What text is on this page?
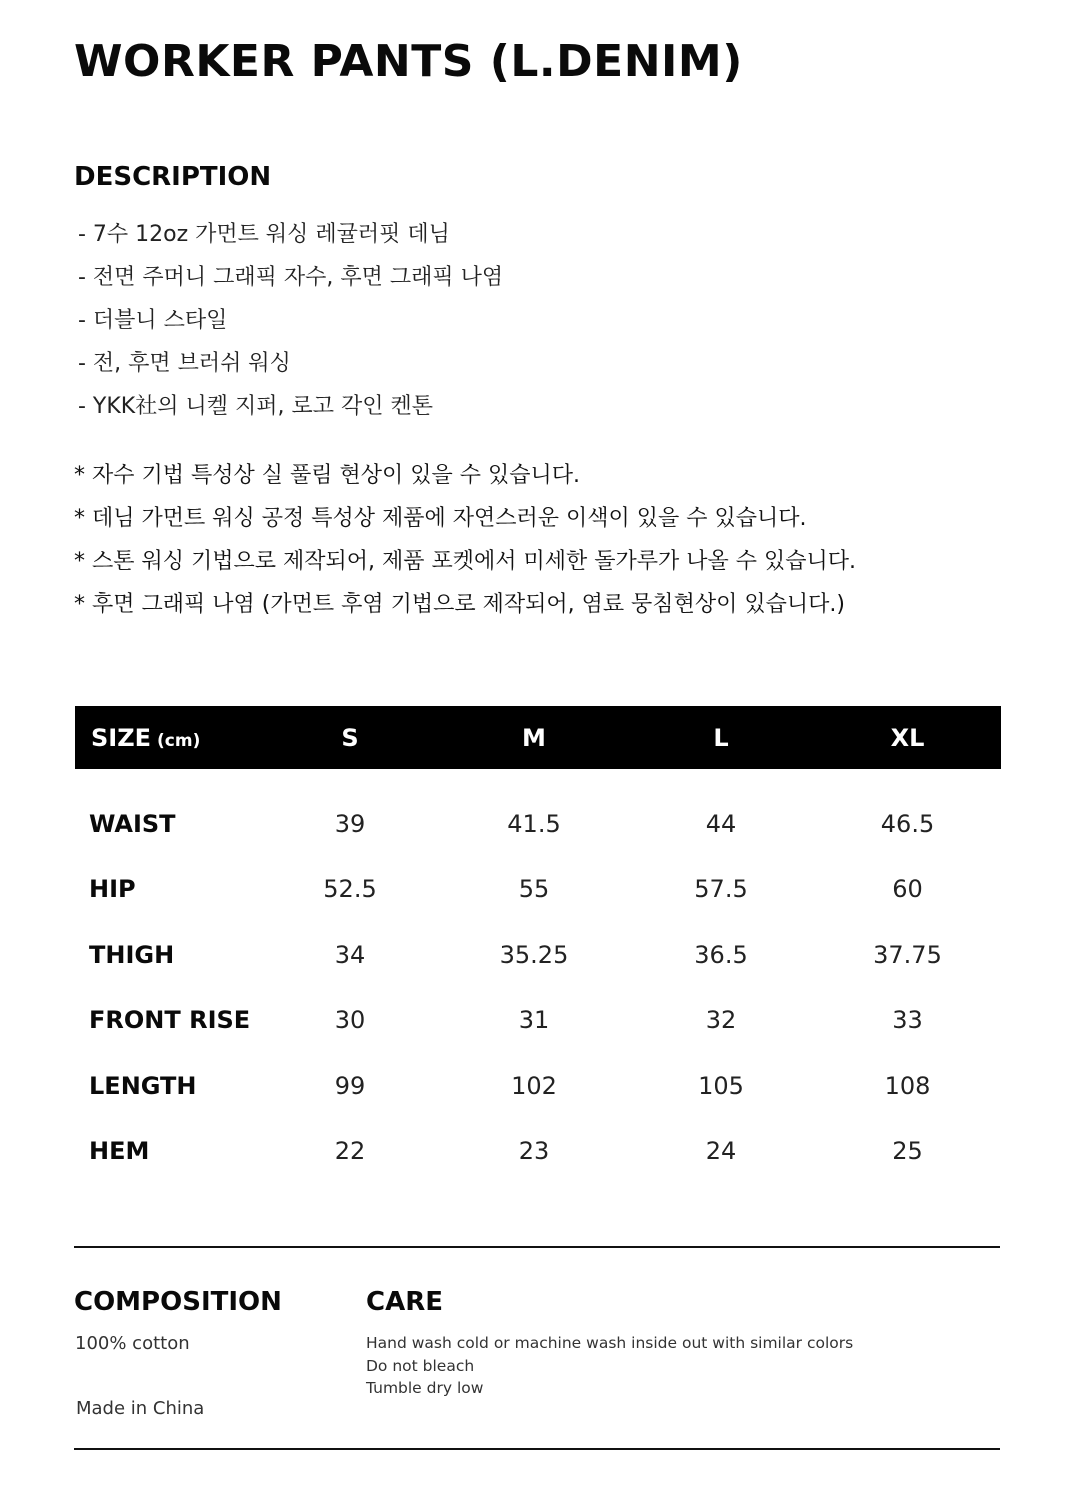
WORKER PANTS (L.DENIM)
DESCRIPTION
- 7수 12oz 가먼트 워싱 레귤러핏 데님
- 전면 주머니 그래픽 자수, 후면 그래픽 나염
- 더블니 스타일
- 전, 후면 브러쉬 워싱
- YKK社의 니켈 지퍼, 로고 각인 켄톤
* 자수 기법 특성상 실 풀림 현상이 있을 수 있습니다.
* 데님 가먼트 워싱 공정 특성상 제품에 자연스러운 이색이 있을 수 있습니다.
* 스톤 워싱 기법으로 제작되어, 제품 포켓에서 미세한 돌가루가 나올 수 있습니다.
* 후면 그래픽 나염 (가먼트 후염 기법으로 제작되어, 염료 뭉침현상이 있습니다.)
SIZE (cm)	S	M	L	XL

WAIST	39	41.5	44	46.5
HIP	52.5	55	57.5	60
THIGH	34	35.25	36.5	37.75
FRONT RISE	30	31	32	33
LENGTH	99	102	105	108
HEM	22	23	24	25
COMPOSITION
100% cotton
Made in China
CARE
Hand wash cold or machine wash inside out with similar colors
Do not bleach
Tumble dry low
